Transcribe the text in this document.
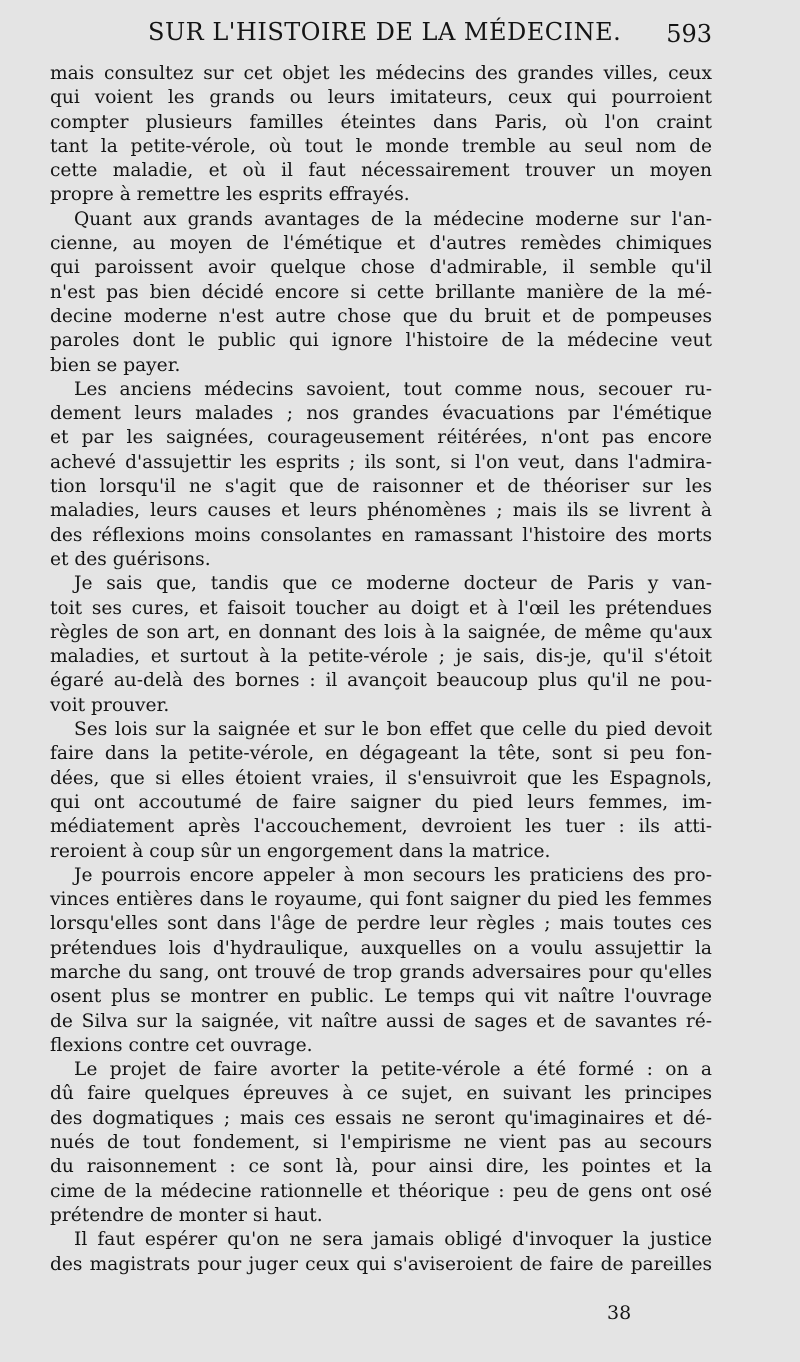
SUR L'HISTOIRE DE LA MÉDECINE. 593

mais consultez sur cet objet les médecins des grandes villes, ceux
qui voient les grands ou leurs imitateurs, ceux qui pourroient
compter plusieurs familles éteintes dans Paris, où l'on craint
tant la petite-vérole, où tout le monde tremble au seul nom de
cette maladie, et où il faut nécessairement trouver un moyen
propre à remettre les esprits effrayés.

Quant aux grands avantages de la médecine moderne sur l'an-
cienne, au moyen de l'émétique et d'autres remèdes chimiques
qui paroissent avoir quelque chose d'admirable, il semble qu'il
n'est pas bien décidé encore si cette brillante manière de la mé-
decine moderne n'est autre chose que du bruit et de pompeuses
paroles dont le public qui ignore l'histoire de la médecine veut
bien se payer.

Les anciens médecins savoient, tout comme nous, secouer ru-
dement leurs malades ; nos grandes évacuations par l'émétique
et par les saignées, courageusement réitérées, n'ont pas encore
achevé d'assujettir les esprits ; ils sont, si l'on veut, dans l'admira-
tion lorsqu'il ne s'agit que de raisonner et de théoriser sur les
maladies, leurs causes et leurs phénomènes ; mais ils se livrent à
des réflexions moins consolantes en ramassant l'histoire des morts
et des guérisons.

Je sais que, tandis que ce moderne docteur de Paris y van-
toit ses cures, et faisoit toucher au doigt et à l'œil les prétendues
règles de son art, en donnant des lois à la saignée, de même qu'aux
maladies, et surtout à la petite-vérole ; je sais, dis-je, qu'il s'étoit
égaré au-delà des bornes : il avançoit beaucoup plus qu'il ne pou-
voit prouver.

Ses lois sur la saignée et sur le bon effet que celle du pied devoit
faire dans la petite-vérole, en dégageant la tête, sont si peu fon-
dées, que si elles étoient vraies, il s'ensuivroit que les Espagnols,
qui ont accoutumé de faire saigner du pied leurs femmes, im-
médiatement après l'accouchement, devroient les tuer : ils atti-
reroient à coup sûr un engorgement dans la matrice.

Je pourrois encore appeler à mon secours les praticiens des pro-
vinces entières dans le royaume, qui font saigner du pied les femmes
lorsqu'elles sont dans l'âge de perdre leur règles ; mais toutes ces
prétendues lois d'hydraulique, auxquelles on a voulu assujettir la
marche du sang, ont trouvé de trop grands adversaires pour qu'elles
osent plus se montrer en public. Le temps qui vit naître l'ouvrage
de Silva sur la saignée, vit naître aussi de sages et de savantes ré-
flexions contre cet ouvrage.

Le projet de faire avorter la petite-vérole a été formé : on a
dû faire quelques épreuves à ce sujet, en suivant les principes
des dogmatiques ; mais ces essais ne seront qu'imaginaires et dé-
nués de tout fondement, si l'empirisme ne vient pas au secours
du raisonnement : ce sont là, pour ainsi dire, les pointes et la
cime de la médecine rationnelle et théorique : peu de gens ont osé
prétendre de monter si haut.

Il faut espérer qu'on ne sera jamais obligé d'invoquer la justice
des magistrats pour juger ceux qui s'aviseroient de faire de pareilles

38
